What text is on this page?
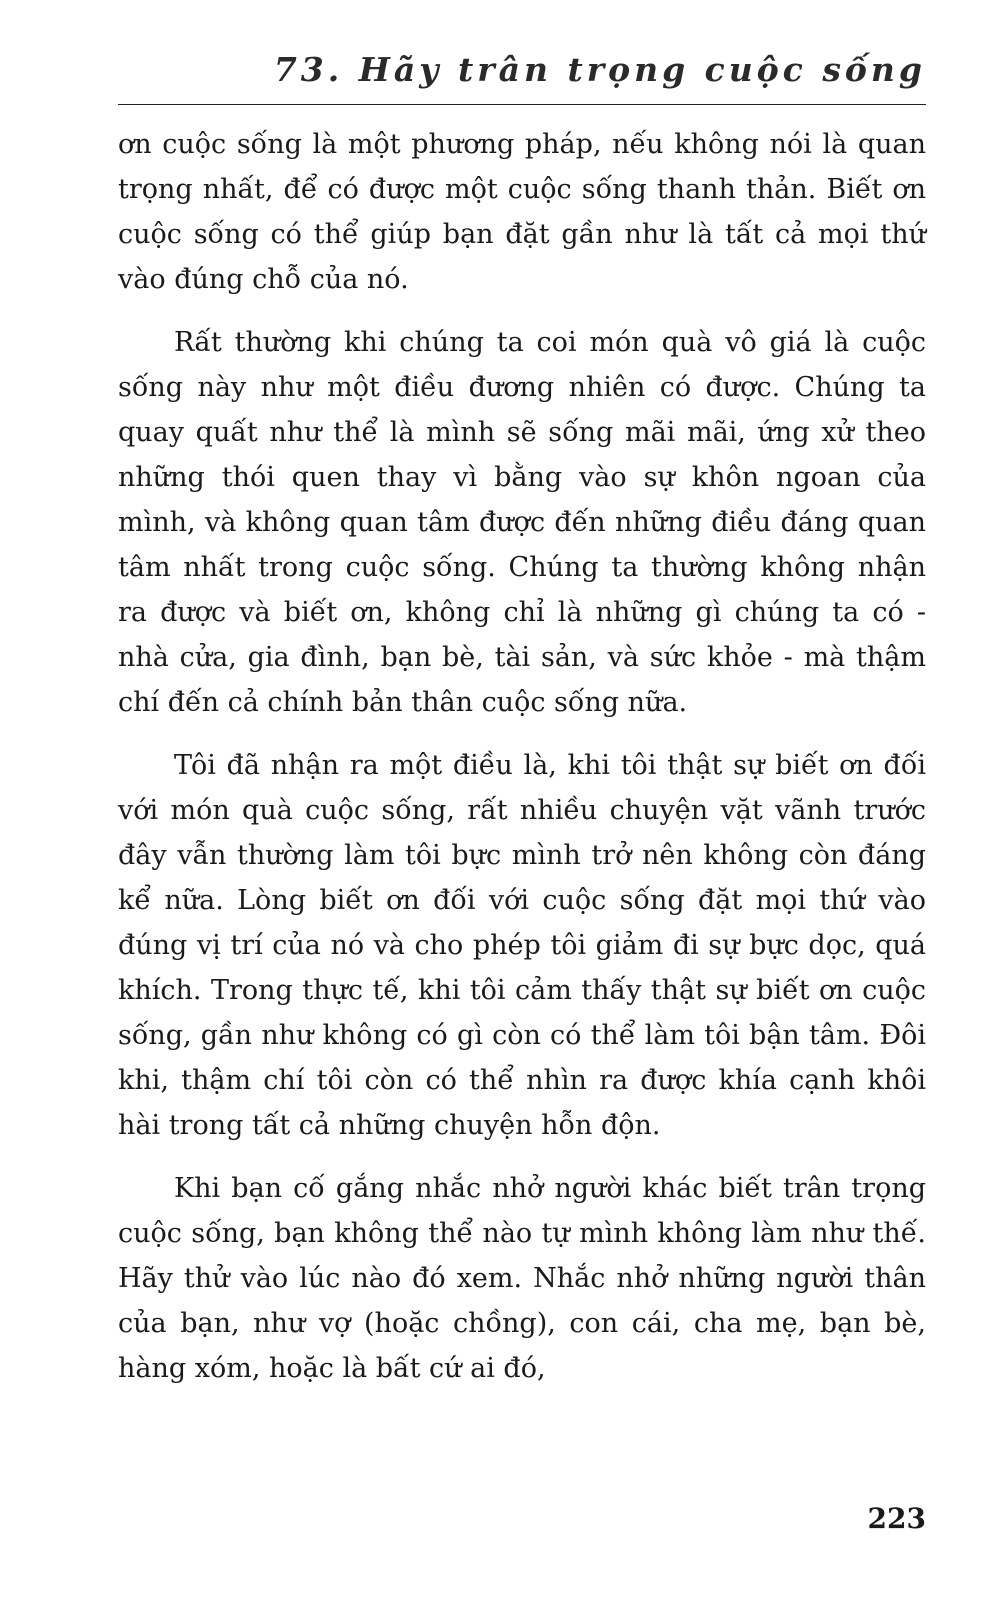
73. Hãy trân trọng cuộc sống

ơn cuộc sống là một phương pháp, nếu không nói là quan trọng nhất, để có được một cuộc sống thanh thản. Biết ơn cuộc sống có thể giúp bạn đặt gần như là tất cả mọi thứ vào đúng chỗ của nó.

Rất thường khi chúng ta coi món quà vô giá là cuộc sống này như một điều đương nhiên có được. Chúng ta quay quất như thể là mình sẽ sống mãi mãi, ứng xử theo những thói quen thay vì bằng vào sự khôn ngoan của mình, và không quan tâm được đến những điều đáng quan tâm nhất trong cuộc sống. Chúng ta thường không nhận ra được và biết ơn, không chỉ là những gì chúng ta có - nhà cửa, gia đình, bạn bè, tài sản, và sức khỏe - mà thậm chí đến cả chính bản thân cuộc sống nữa.

Tôi đã nhận ra một điều là, khi tôi thật sự biết ơn đối với món quà cuộc sống, rất nhiều chuyện vặt vãnh trước đây vẫn thường làm tôi bực mình trở nên không còn đáng kể nữa. Lòng biết ơn đối với cuộc sống đặt mọi thứ vào đúng vị trí của nó và cho phép tôi giảm đi sự bực dọc, quá khích. Trong thực tế, khi tôi cảm thấy thật sự biết ơn cuộc sống, gần như không có gì còn có thể làm tôi bận tâm. Đôi khi, thậm chí tôi còn có thể nhìn ra được khía cạnh khôi hài trong tất cả những chuyện hỗn độn.

Khi bạn cố gắng nhắc nhở người khác biết trân trọng cuộc sống, bạn không thể nào tự mình không làm như thế. Hãy thử vào lúc nào đó xem. Nhắc nhở những người thân của bạn, như vợ (hoặc chồng), con cái, cha mẹ, bạn bè, hàng xóm, hoặc là bất cứ ai đó,

223
